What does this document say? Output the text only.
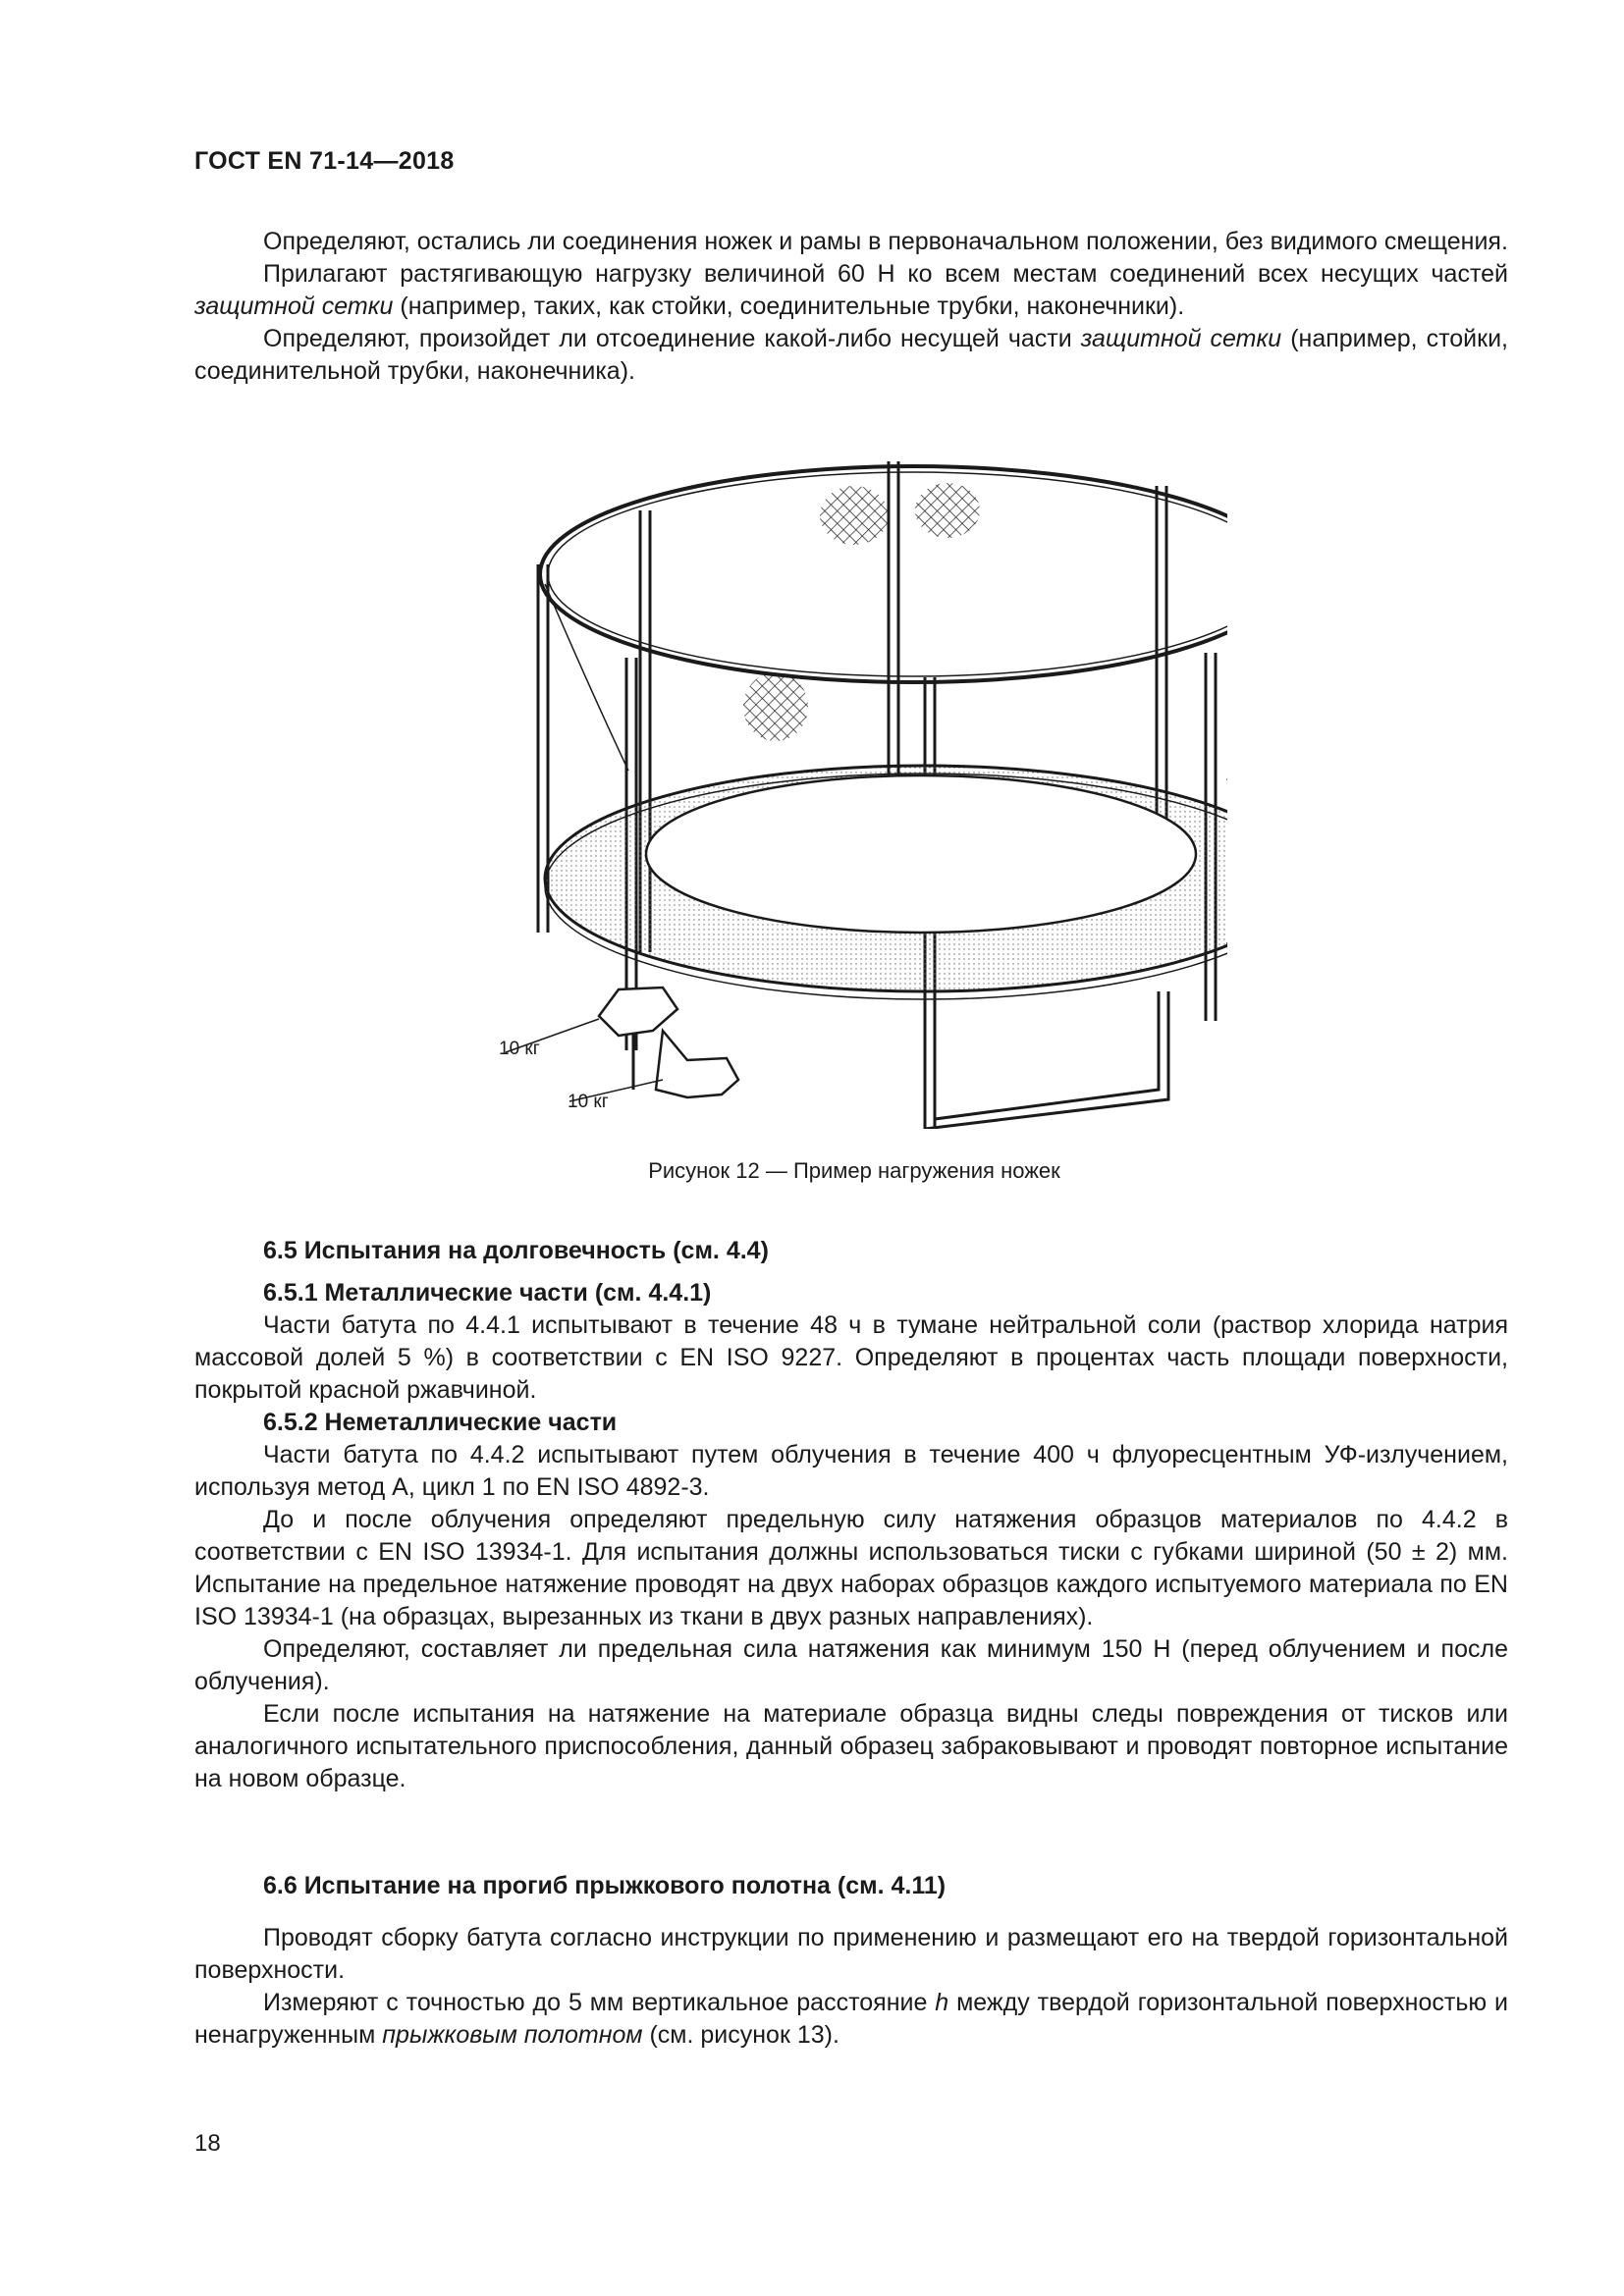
ГОСТ EN 71-14—2018

Определяют, остались ли соединения ножек и рамы в первоначальном положении, без видимого смещения.

Прилагают растягивающую нагрузку величиной 60 Н ко всем местам соединений всех несущих частей защитной сетки (например, таких, как стойки, соединительные трубки, наконечники).

Определяют, произойдет ли отсоединение какой-либо несущей части защитной сетки (например, стойки, соединительной трубки, наконечника).

10 кг
10 кг
Рисунок 12 — Пример нагружения ножек
6.5 Испытания на долговечность (см. 4.4)
6.5.1 Металлические части (см. 4.4.1)

Части батута по 4.4.1 испытывают в течение 48 ч в тумане нейтральной соли (раствор хлорида натрия массовой долей 5 %) в соответствии с EN ISO 9227. Определяют в процентах часть площади поверхности, покрытой красной ржавчиной.

6.5.2 Неметаллические части

Части батута по 4.4.2 испытывают путем облучения в течение 400 ч флуоресцентным УФ-излучением, используя метод А, цикл 1 по EN ISO 4892-3.

До и после облучения определяют предельную силу натяжения образцов материалов по 4.4.2 в соответствии с EN ISO 13934-1. Для испытания должны использоваться тиски с губками шириной (50 ± 2) мм. Испытание на предельное натяжение проводят на двух наборах образцов каждого испытуемого материала по EN ISO 13934-1 (на образцах, вырезанных из ткани в двух разных направлениях).

Определяют, составляет ли предельная сила натяжения как минимум 150 Н (перед облучением и после облучения).

Если после испытания на натяжение на материале образца видны следы повреждения от тисков или аналогичного испытательного приспособления, данный образец забраковывают и проводят повторное испытание на новом образце.

6.6 Испытание на прогиб прыжкового полотна (см. 4.11)

Проводят сборку батута согласно инструкции по применению и размещают его на твердой горизонтальной поверхности.

Измеряют с точностью до 5 мм вертикальное расстояние h между твердой горизонтальной поверхностью и ненагруженным прыжковым полотном (см. рисунок 13).

18
